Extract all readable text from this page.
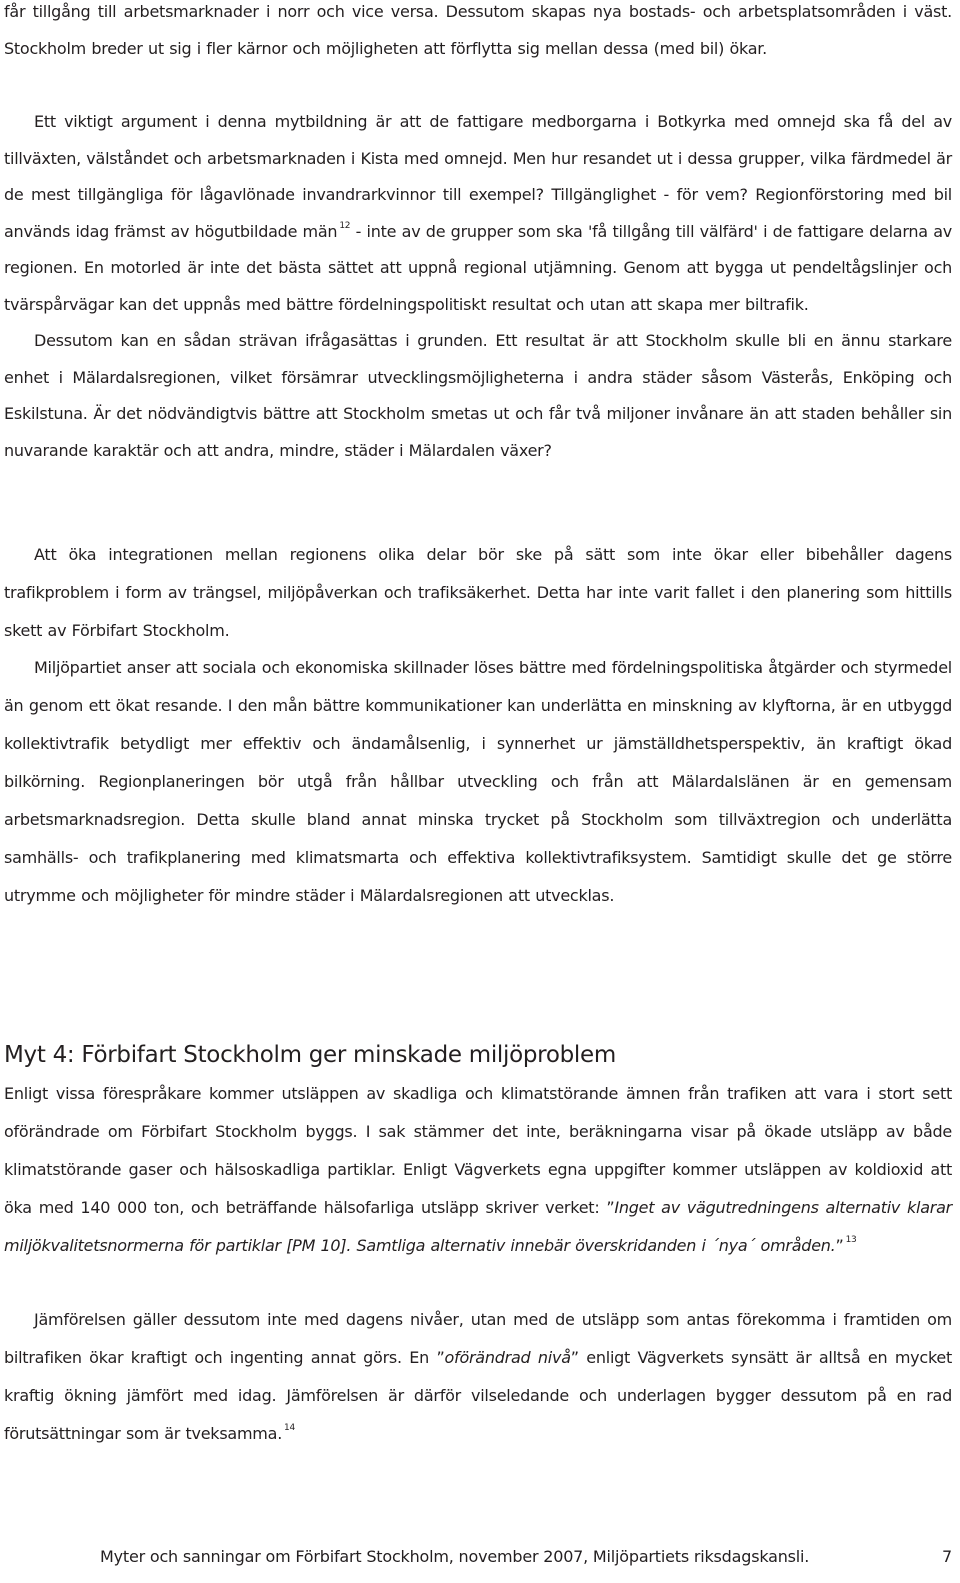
får tillgång till arbetsmarknader i norr och vice versa. Dessutom skapas nya bostads- och arbetsplatsområden i väst. Stockholm breder ut sig i fler kärnor och möjligheten att förflytta sig mellan dessa (med bil) ökar.

Ett viktigt argument i denna mytbildning är att de fattigare medborgarna i Botkyrka med omnejd ska få del av tillväxten, välståndet och arbetsmarknaden i Kista med omnejd. Men hur resandet ut i dessa grupper, vilka färdmedel är de mest tillgängliga för lågavlönade invandrarkvinnor till exempel? Tillgänglighet - för vem? Regionförstoring med bil används idag främst av högutbildade män $^{12}$ - inte av de grupper som ska 'få tillgång till välfärd' i de fattigare delarna av regionen. En motorled är inte det bästa sättet att uppnå regional utjämning. Genom att bygga ut pendeltågslinjer och tvärspårvägar kan det uppnås med bättre fördelningspolitiskt resultat och utan att skapa mer biltrafik.
Dessutom kan en sådan strävan ifrågasättas i grunden. Ett resultat är att Stockholm skulle bli en ännu starkare enhet i Mälardalsregionen, vilket försämrar utvecklingsmöjligheterna i andra städer såsom Västerås, Enköping och Eskilstuna. Är det nödvändigtvis bättre att Stockholm smetas ut och får två miljoner invånare än att staden behåller sin nuvarande karaktär och att andra, mindre, städer i Mälardalen växer?

Att öka integrationen mellan regionens olika delar bör ske på sätt som inte ökar eller bibehåller dagens trafikproblem i form av trängsel, miljöpåverkan och trafiksäkerhet. Detta har inte varit fallet i den planering som hittills skett av Förbifart Stockholm.

Miljöpartiet anser att sociala och ekonomiska skillnader löses bättre med fördelningspolitiska åtgärder och styrmedel än genom ett ökat resande. I den mån bättre kommunikationer kan underlätta en minskning av klyftorna, är en utbyggd kollektivtrafik betydligt mer effektiv och ändamålsenlig, i synnerhet ur jämställdhetsperspektiv, än kraftigt ökad bilkörning. Regionplaneringen bör utgå från hållbar utveckling och från att Mälardalslänen är en gemensam arbetsmarknadsregion. Detta skulle bland annat minska trycket på Stockholm som tillväxtregion och underlätta samhälls- och trafikplanering med klimatsmarta och effektiva kollektivtrafiksystem. Samtidigt skulle det ge större utrymme och möjligheter för mindre städer i Mälardalsregionen att utvecklas.

Myt 4: Förbifart Stockholm ger minskade miljöproblem

Enligt vissa förespråkare kommer utsläppen av skadliga och klimatstörande ämnen från trafiken att vara i stort sett oförändrade om Förbifart Stockholm byggs. I sak stämmer det inte, beräkningarna visar på ökade utsläpp av både klimatstörande gaser och hälsoskadliga partiklar. Enligt Vägverkets egna uppgifter kommer utsläppen av koldioxid att öka med 140 000 ton, och beträffande hälsofarliga utsläpp skriver verket: ”Inget av vägutredningens alternativ klarar miljökvalitetsnormerna för partiklar [PM 10]. Samtliga alternativ innebär överskridanden i ´nya´ områden.” $^{13}$

Jämförelsen gäller dessutom inte med dagens nivåer, utan med de utsläpp som antas förekomma i framtiden om biltrafiken ökar kraftigt och ingenting annat görs. En ”oförändrad nivå” enligt Vägverkets synsätt är alltså en mycket kraftig ökning jämfört med idag. Jämförelsen är därför vilseledande och underlagen bygger dessutom på en rad förutsättningar som är tveksamma. $^{14}$

Myter och sanningar om Förbifart Stockholm, november 2007, Miljöpartiets riksdagskansli.	7
